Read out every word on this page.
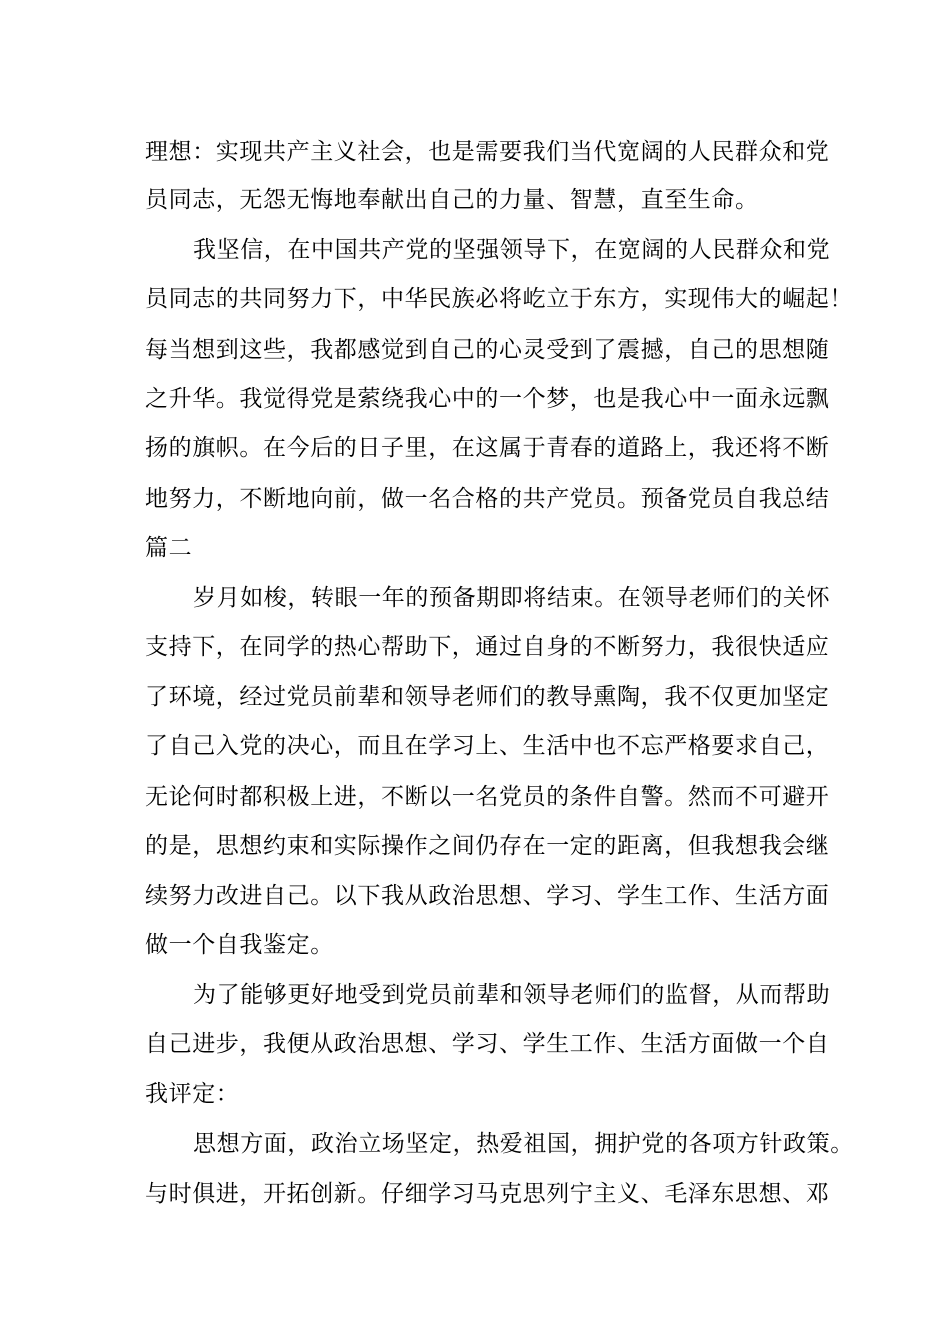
理想：实现共产主义社会，也是需要我们当代宽阔的人民群众和党
员同志，无怨无悔地奉献出自己的力量、智慧，直至生命。
我坚信，在中国共产党的坚强领导下，在宽阔的人民群众和党
员同志的共同努力下，中华民族必将屹立于东方，实现伟大的崛起！
每当想到这些，我都感觉到自己的心灵受到了震撼，自己的思想随
之升华。我觉得党是萦绕我心中的一个梦，也是我心中一面永远飘
扬的旗帜。在今后的日子里，在这属于青春的道路上，我还将不断
地努力，不断地向前，做一名合格的共产党员。预备党员自我总结
篇二
岁月如梭，转眼一年的预备期即将结束。在领导老师们的关怀
支持下，在同学的热心帮助下，通过自身的不断努力，我很快适应
了环境，经过党员前辈和领导老师们的教导熏陶，我不仅更加坚定
了自己入党的决心，而且在学习上、生活中也不忘严格要求自己，
无论何时都积极上进，不断以一名党员的条件自警。然而不可避开
的是，思想约束和实际操作之间仍存在一定的距离，但我想我会继
续努力改进自己。以下我从政治思想、学习、学生工作、生活方面
做一个自我鉴定。
为了能够更好地受到党员前辈和领导老师们的监督，从而帮助
自己进步，我便从政治思想、学习、学生工作、生活方面做一个自
我评定：
思想方面，政治立场坚定，热爱祖国，拥护党的各项方针政策。
与时俱进，开拓创新。仔细学习马克思列宁主义、毛泽东思想、邓
